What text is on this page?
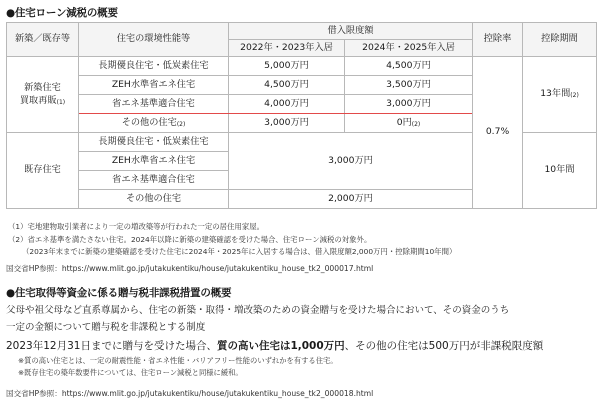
●住宅ローン減税の概要
新築／既存等	住宅の環境性能等	借入限度額		控除率	控除期間
		2022年・2023年入居	2024年・2025年入居		

新築住宅
買取再販$_{(1)}$	長期優良住宅・低炭素住宅	5,000万円	4,500万円	0.7%	13年間$_{(2)}$
	ZEH水準省エネ住宅	4,500万円	3,500万円		
	省エネ基準適合住宅	4,000万円	3,000万円		
	その他の住宅$_{(2)}$	3,000万円	0円$_{(2)}$
既存住宅	長期優良住宅・低炭素住宅	3,000万円			10年間
	ZEH水準省エネ住宅				
	省エネ基準適合住宅				
	その他の住宅	2,000万円			
（1）宅地建物取引業者により一定の増改築等が行われた一定の居住用家屋。
（2）省エネ基準を満たさない住宅。2024年以降に新築の建築確認を受けた場合、住宅ローン減税の対象外。
（2023年末までに新築の建築確認を受けた住宅に2024年・2025年に入居する場合は、借入限度額2,000万円・控除期間10年間）
国交省HP参照：https://www.mlit.go.jp/jutakukentiku/house/jutakukentiku_house_tk2_000017.html
●住宅取得等資金に係る贈与税非課税措置の概要
父母や祖父母など直系尊属から、住宅の新築・取得・増改築のための資金贈与を受けた場合において、その資金のうち
一定の金額について贈与税を非課税とする制度
2023年12月31日までに贈与を受けた場合、質の高い住宅は1,000万円、その他の住宅は500万円が非課税限度額
※質の高い住宅とは、一定の耐震性能・省エネ性能・バリアフリー性能のいずれかを有する住宅。
※既存住宅の築年数要件については、住宅ローン減税と同様に緩和。
国交省HP参照：https://www.mlit.go.jp/jutakukentiku/house/jutakukentiku_house_tk2_000018.html
